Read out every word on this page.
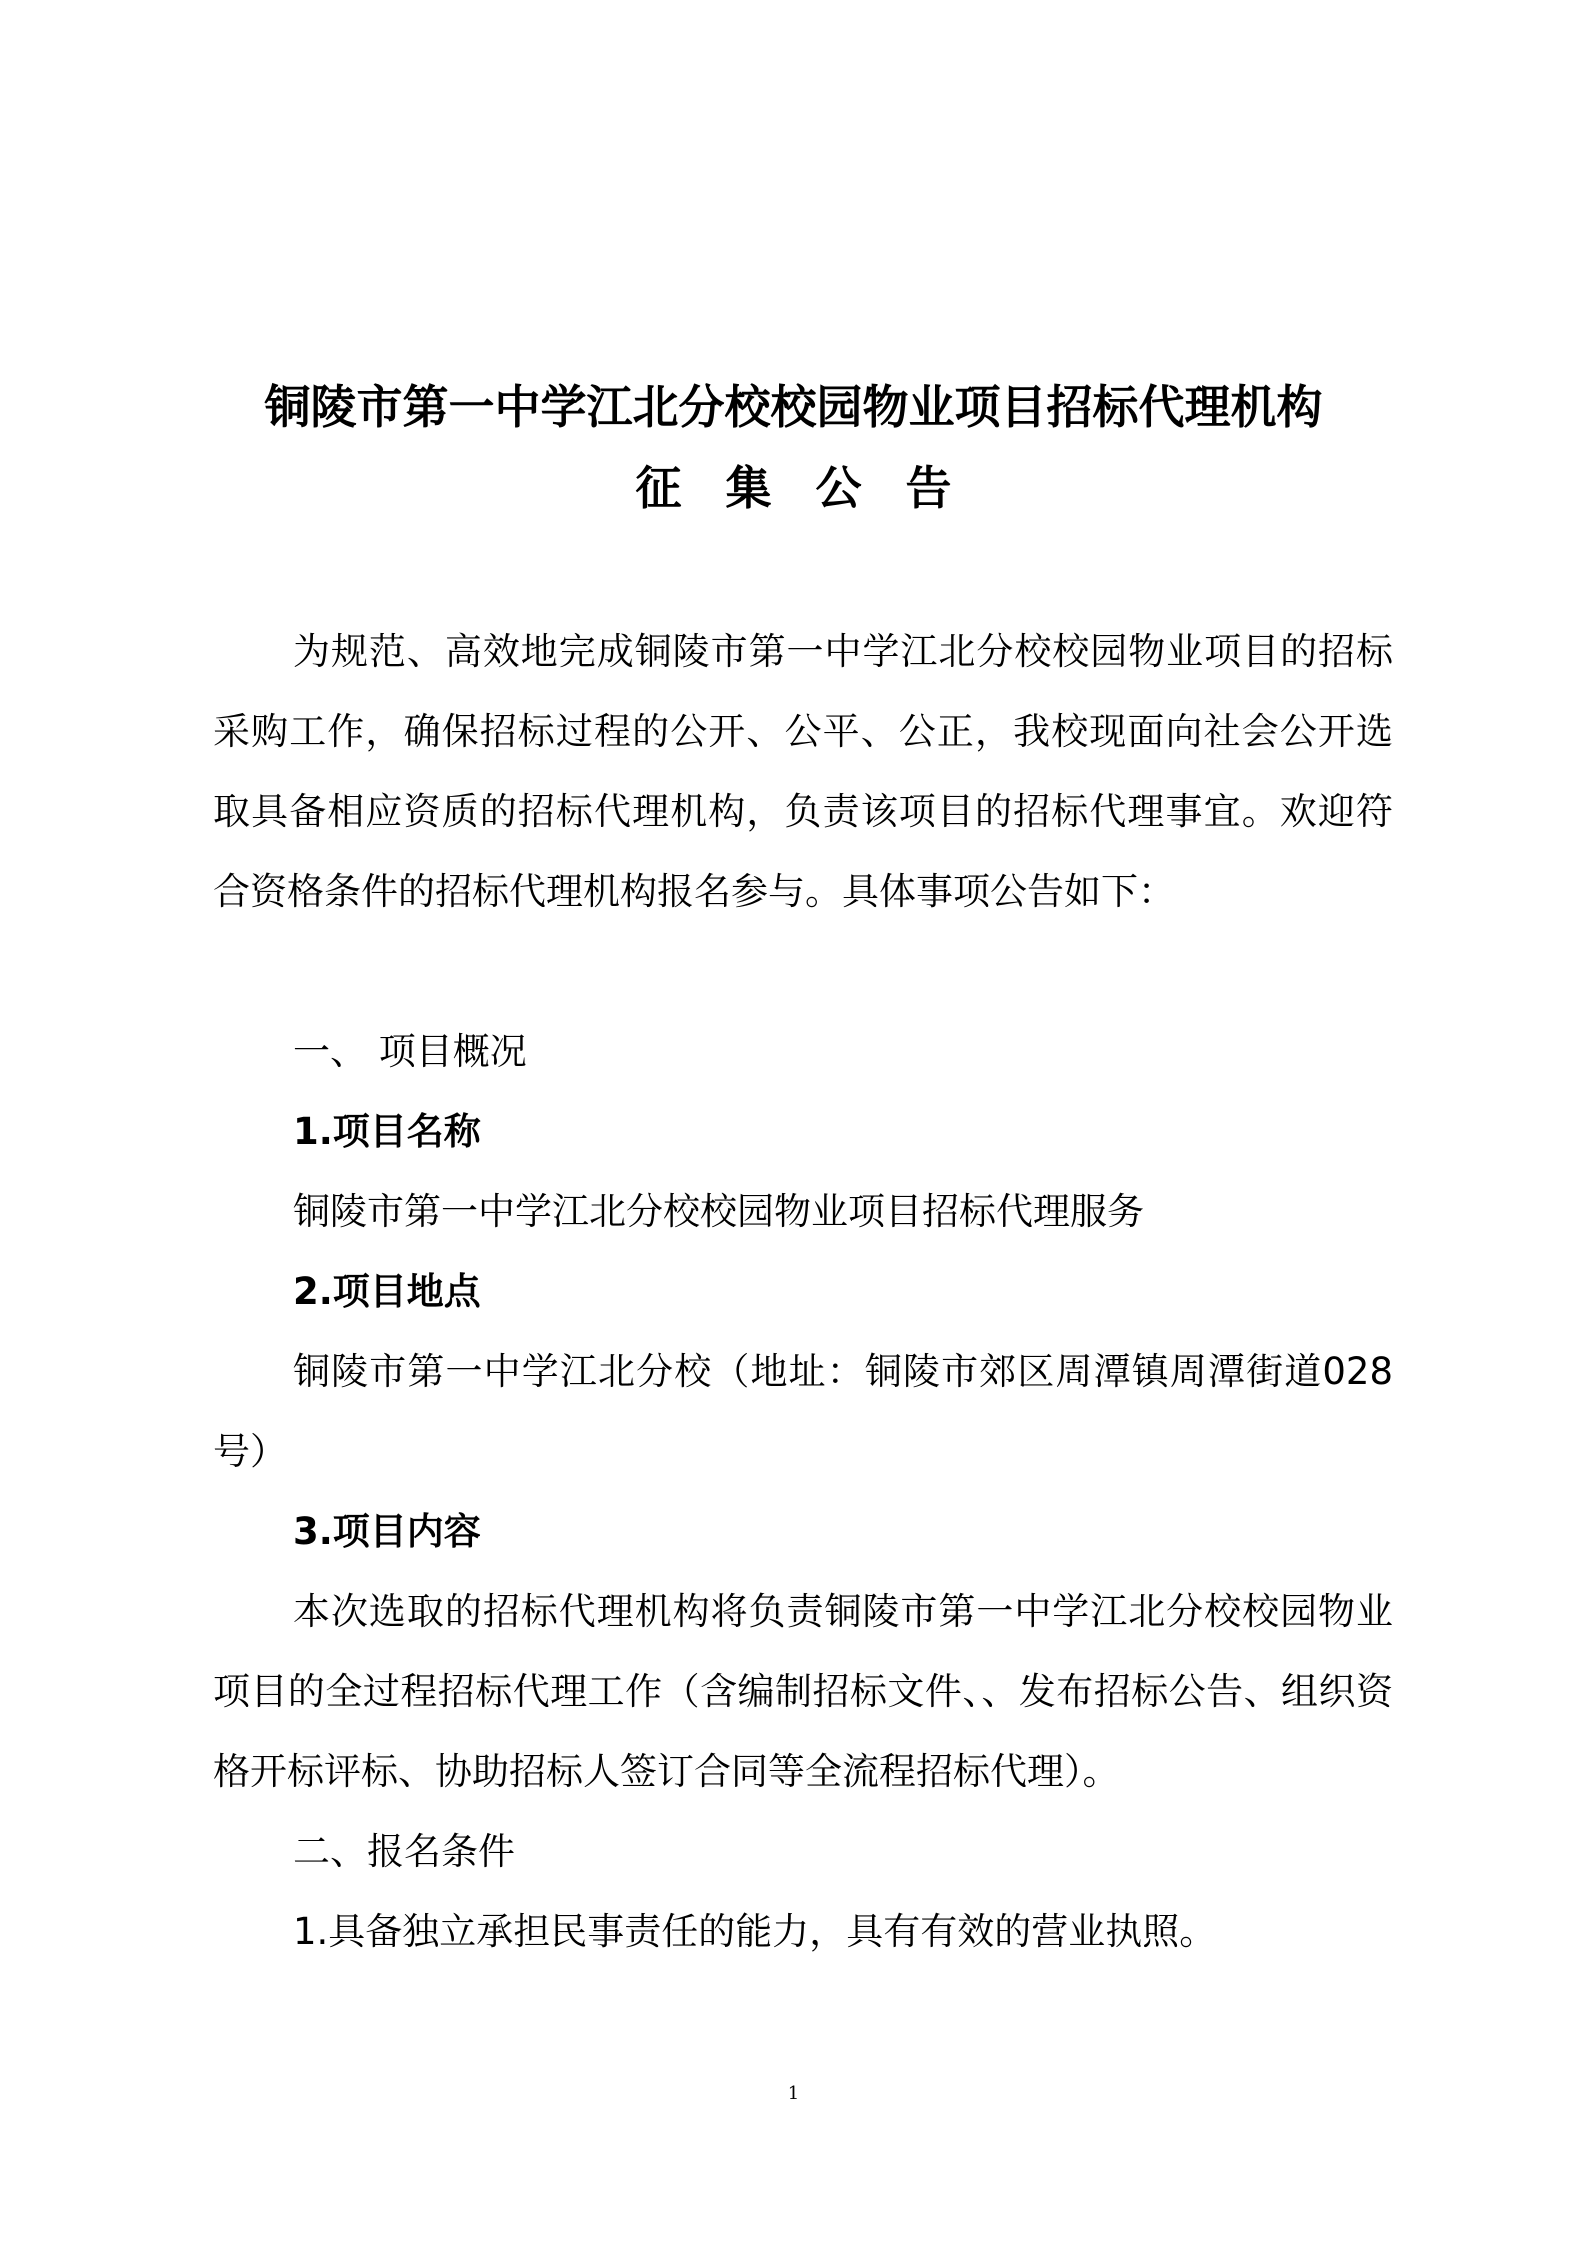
铜陵市第一中学江北分校校园物业项目招标代理机构
征集公告

为规范、高效地完成铜陵市第一中学江北分校校园物业项目的招标采购工作，确保招标过程的公开、公平、公正，我校现面向社会公开选取具备相应资质的招标代理机构，负责该项目的招标代理事宜。欢迎符合资格条件的招标代理机构报名参与。具体事项公告如下：

一、 项目概况
1.项目名称
铜陵市第一中学江北分校校园物业项目招标代理服务
2.项目地点

铜陵市第一中学江北分校（地址：铜陵市郊区周潭镇周潭街道028号）

3.项目内容

本次选取的招标代理机构将负责铜陵市第一中学江北分校校园物业项目的全过程招标代理工作（含编制招标文件、、发布招标公告、组织资格开标评标、协助招标人签订合同等全流程招标代理）。

二、报名条件
1.具备独立承担民事责任的能力，具有有效的营业执照。
1
